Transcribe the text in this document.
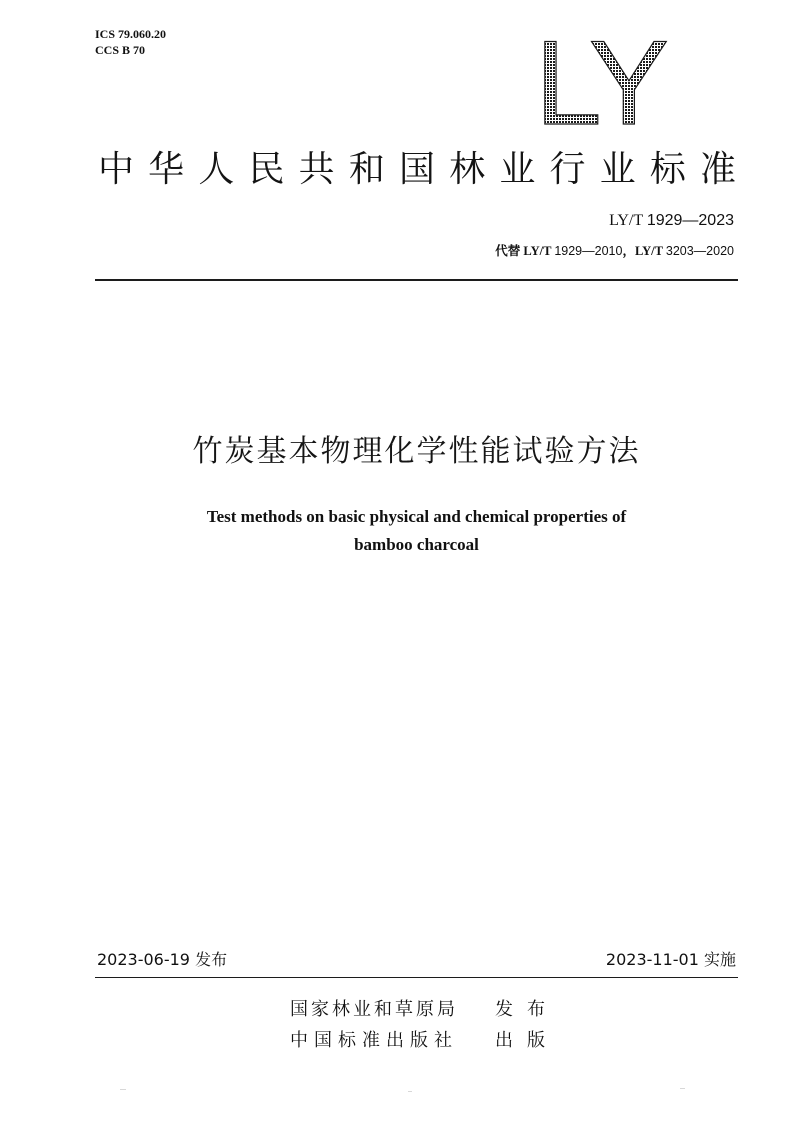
ICS 79.060.20
CCS B 70	LY
中华人民共和国林业行业标准
LY/T 1929—2023
代替 LY/T 1929—2010，LY/T 3203—2020
竹炭基本物理化学性能试验方法
Test methods on basic physical and chemical properties of
bamboo charcoal
2023-06-19 发布	2023-11-01 实施
国家林业和草原局 发布
中国标准出版社 出版
